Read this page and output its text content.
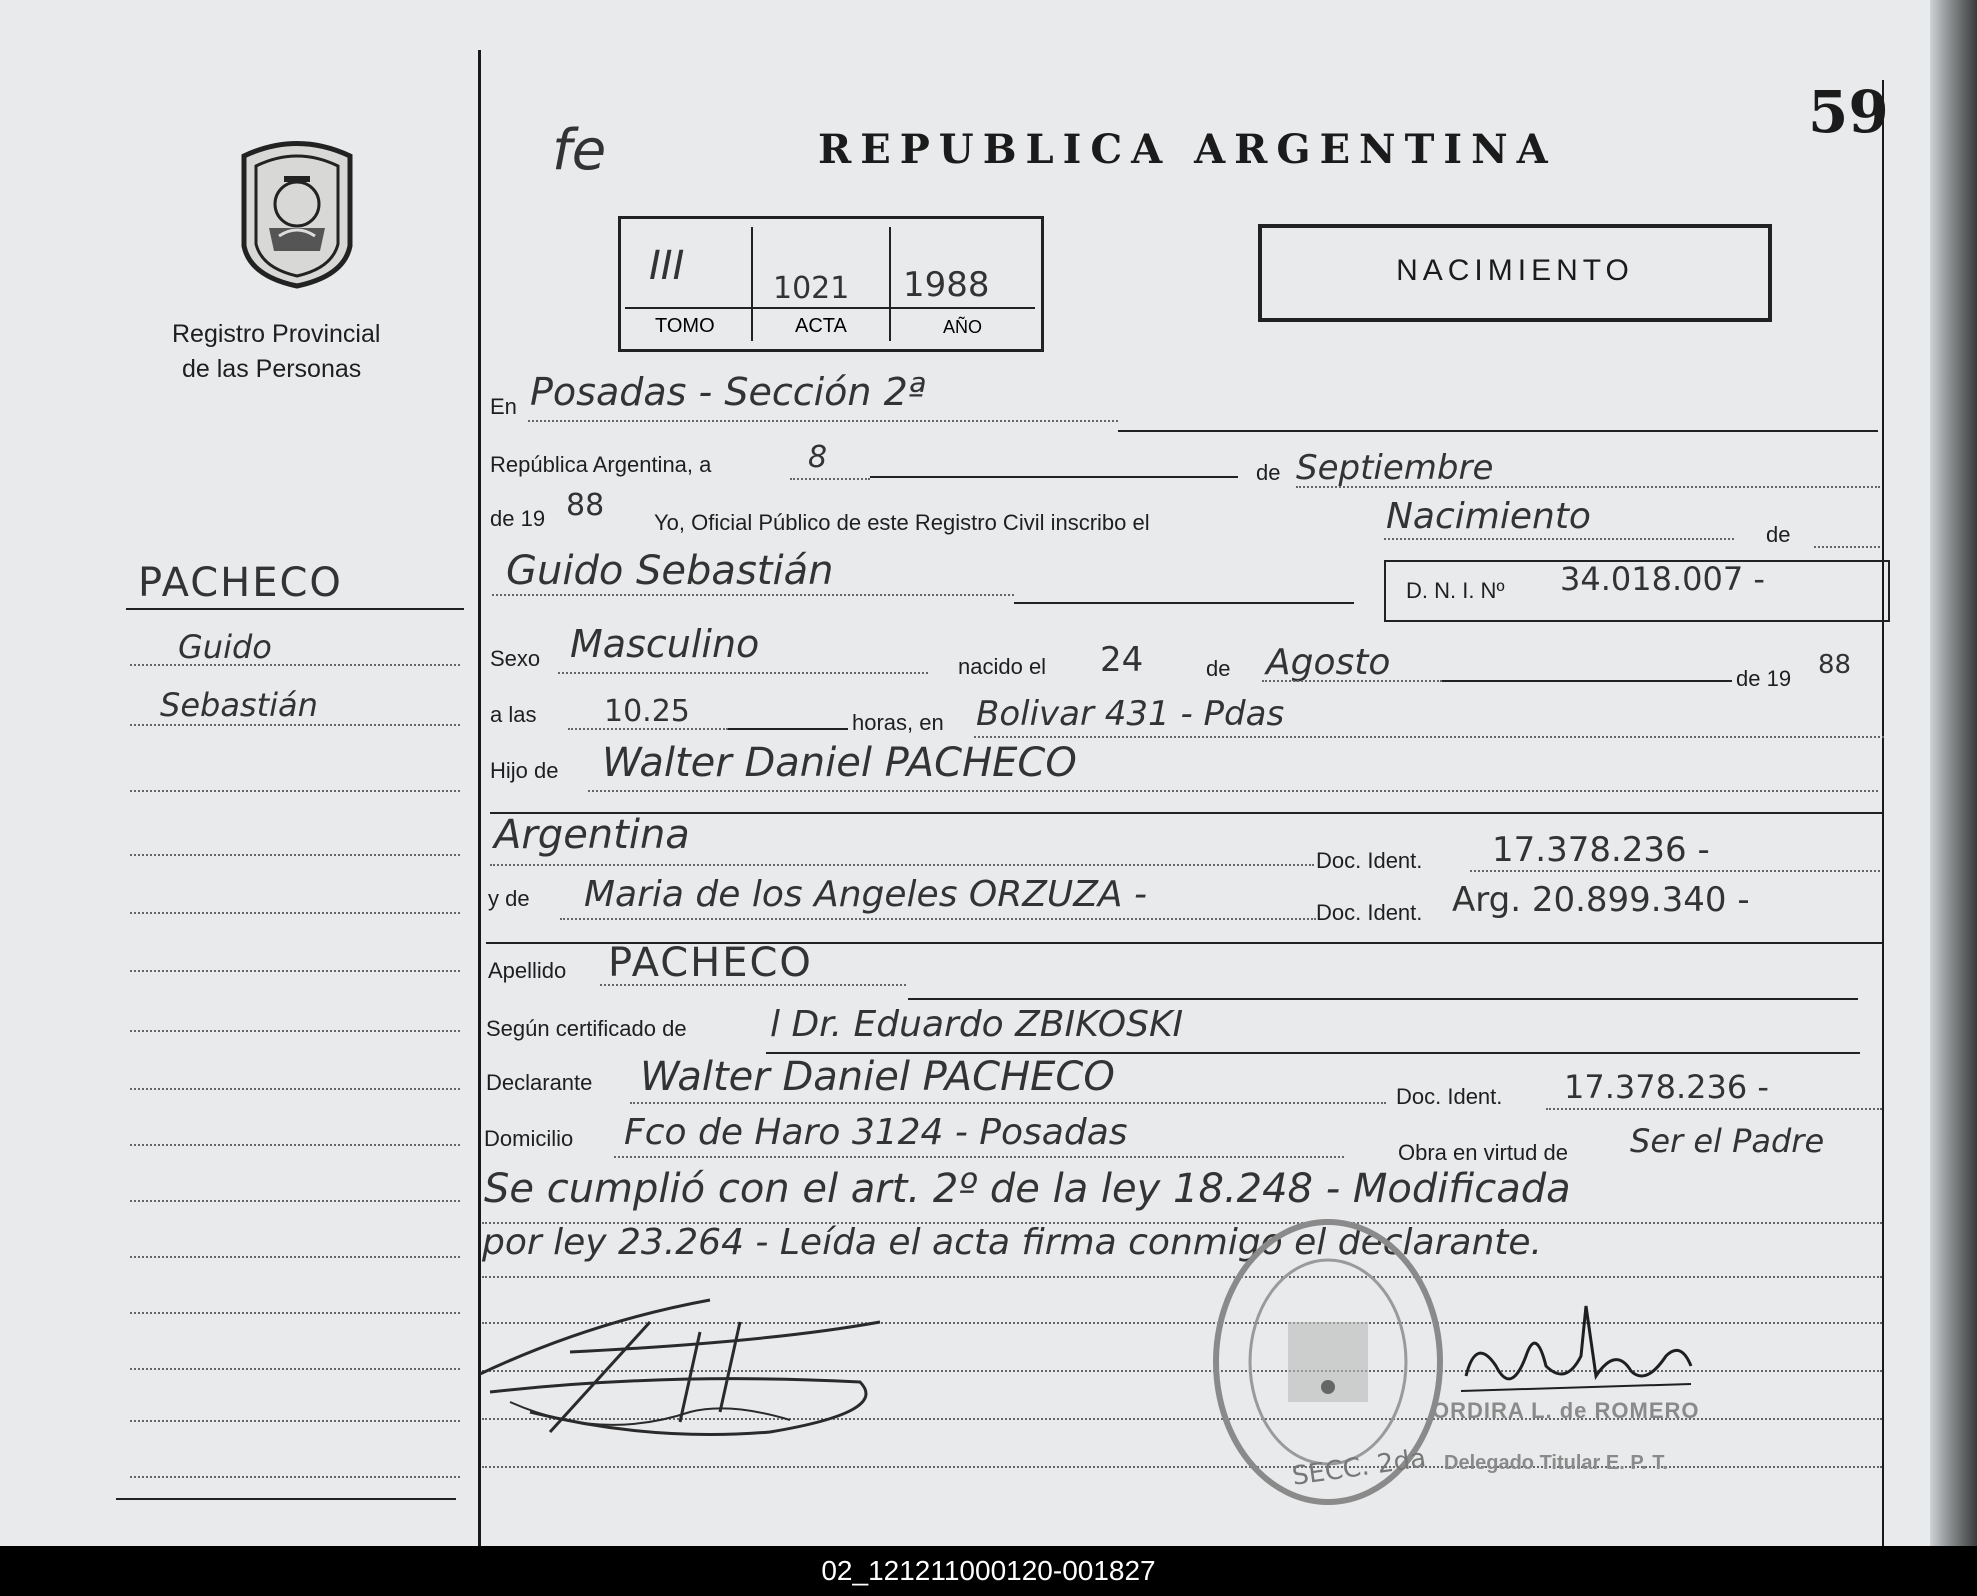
59
fe	REPUBLICA ARGENTINA
Registro Provincial
de las Personas
III	1021 1988
TOMO	ACTA	AÑO
NACIMIENTO
PACHECO
Guido
Sebastián
En Posadas - Sección 2ª
República Argentina, a	8	de Septiembre
de 19 88 Yo, Oficial Público de este Registro Civil inscribo el	Nacimiento	de
Guido Sebastián	D. N. I. Nº 34.018.007 -
Sexo Masculino
nacido el 24	de Agosto	de 19 88
a las 10.25	horas, en Bolivar 431 - Pdas
Hijo de Walter Daniel PACHECO
Argentina
Doc. Ident. 17.378.236 -
y de Maria de los Angeles ORZUZA -	Doc. Ident. Arg. 20.899.340 -
Apellido PACHECO
Según certificado de l Dr. Eduardo ZBIKOSKI
Declarante Walter Daniel PACHECO	Doc. Ident. 17.378.236 -
Domicilio Fco de Haro 3124 - Posadas	Obra en virtud de Ser el Padre
Se cumplió con el art. 2º de la ley 18.248 - Modificada
por ley 23.264 - Leída el acta firma conmigo el declarante.
SECC. 2da
ORDIRA L. de ROMERO
Delegado Titular E. P. T.
02_121211000120-001827
